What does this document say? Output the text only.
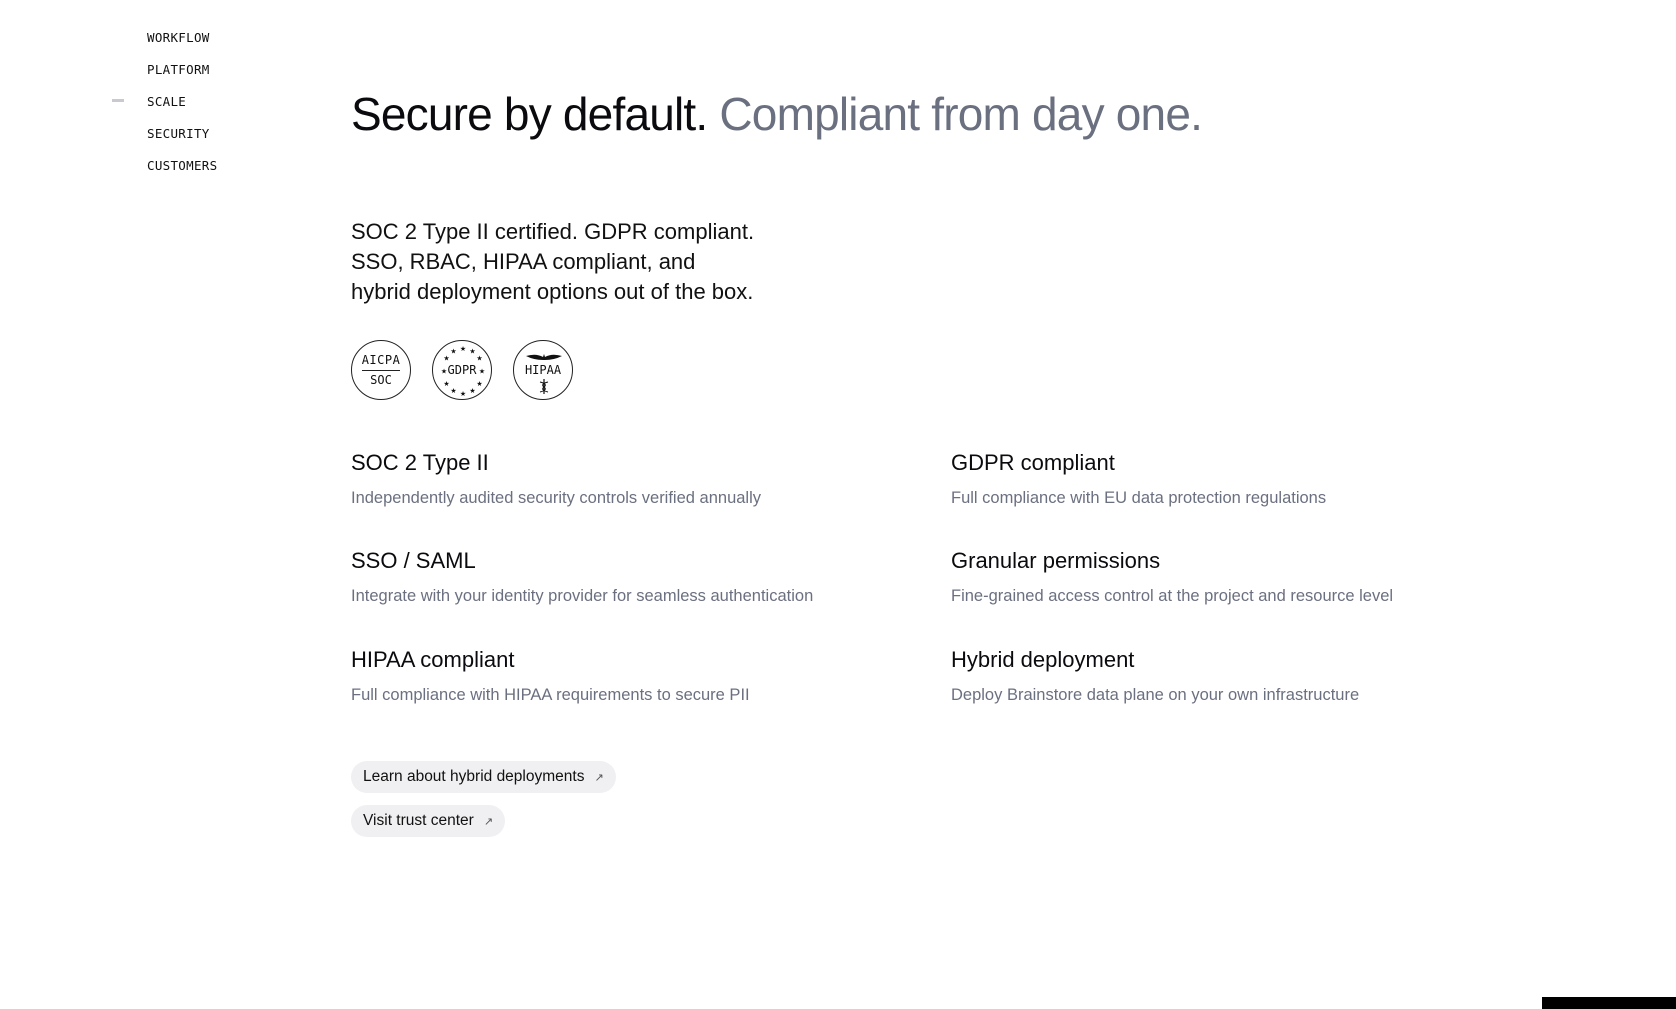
WORKFLOW
PLATFORM
SCALE
SECURITY
CUSTOMERS
Secure by default. Compliant from day one.
SOC 2 Type II certified. GDPR compliant.
SSO, RBAC, HIPAA compliant, and
hybrid deployment options out of the box.
AICPA
SOC
★ ★
★
★
★
★
★
★
★
★
★
★
GDPR	HIPAA
SOC 2 Type II
Independently audited security controls verified annually
GDPR compliant
Full compliance with EU data protection regulations
SSO / SAML
Integrate with your identity provider for seamless authentication
Granular permissions
Fine-grained access control at the project and resource level
HIPAA compliant
Full compliance with HIPAA requirements to secure PII
Hybrid deployment
Deploy Brainstore data plane on your own infrastructure
Learn about hybrid deployments ↗
Visit trust center ↗
